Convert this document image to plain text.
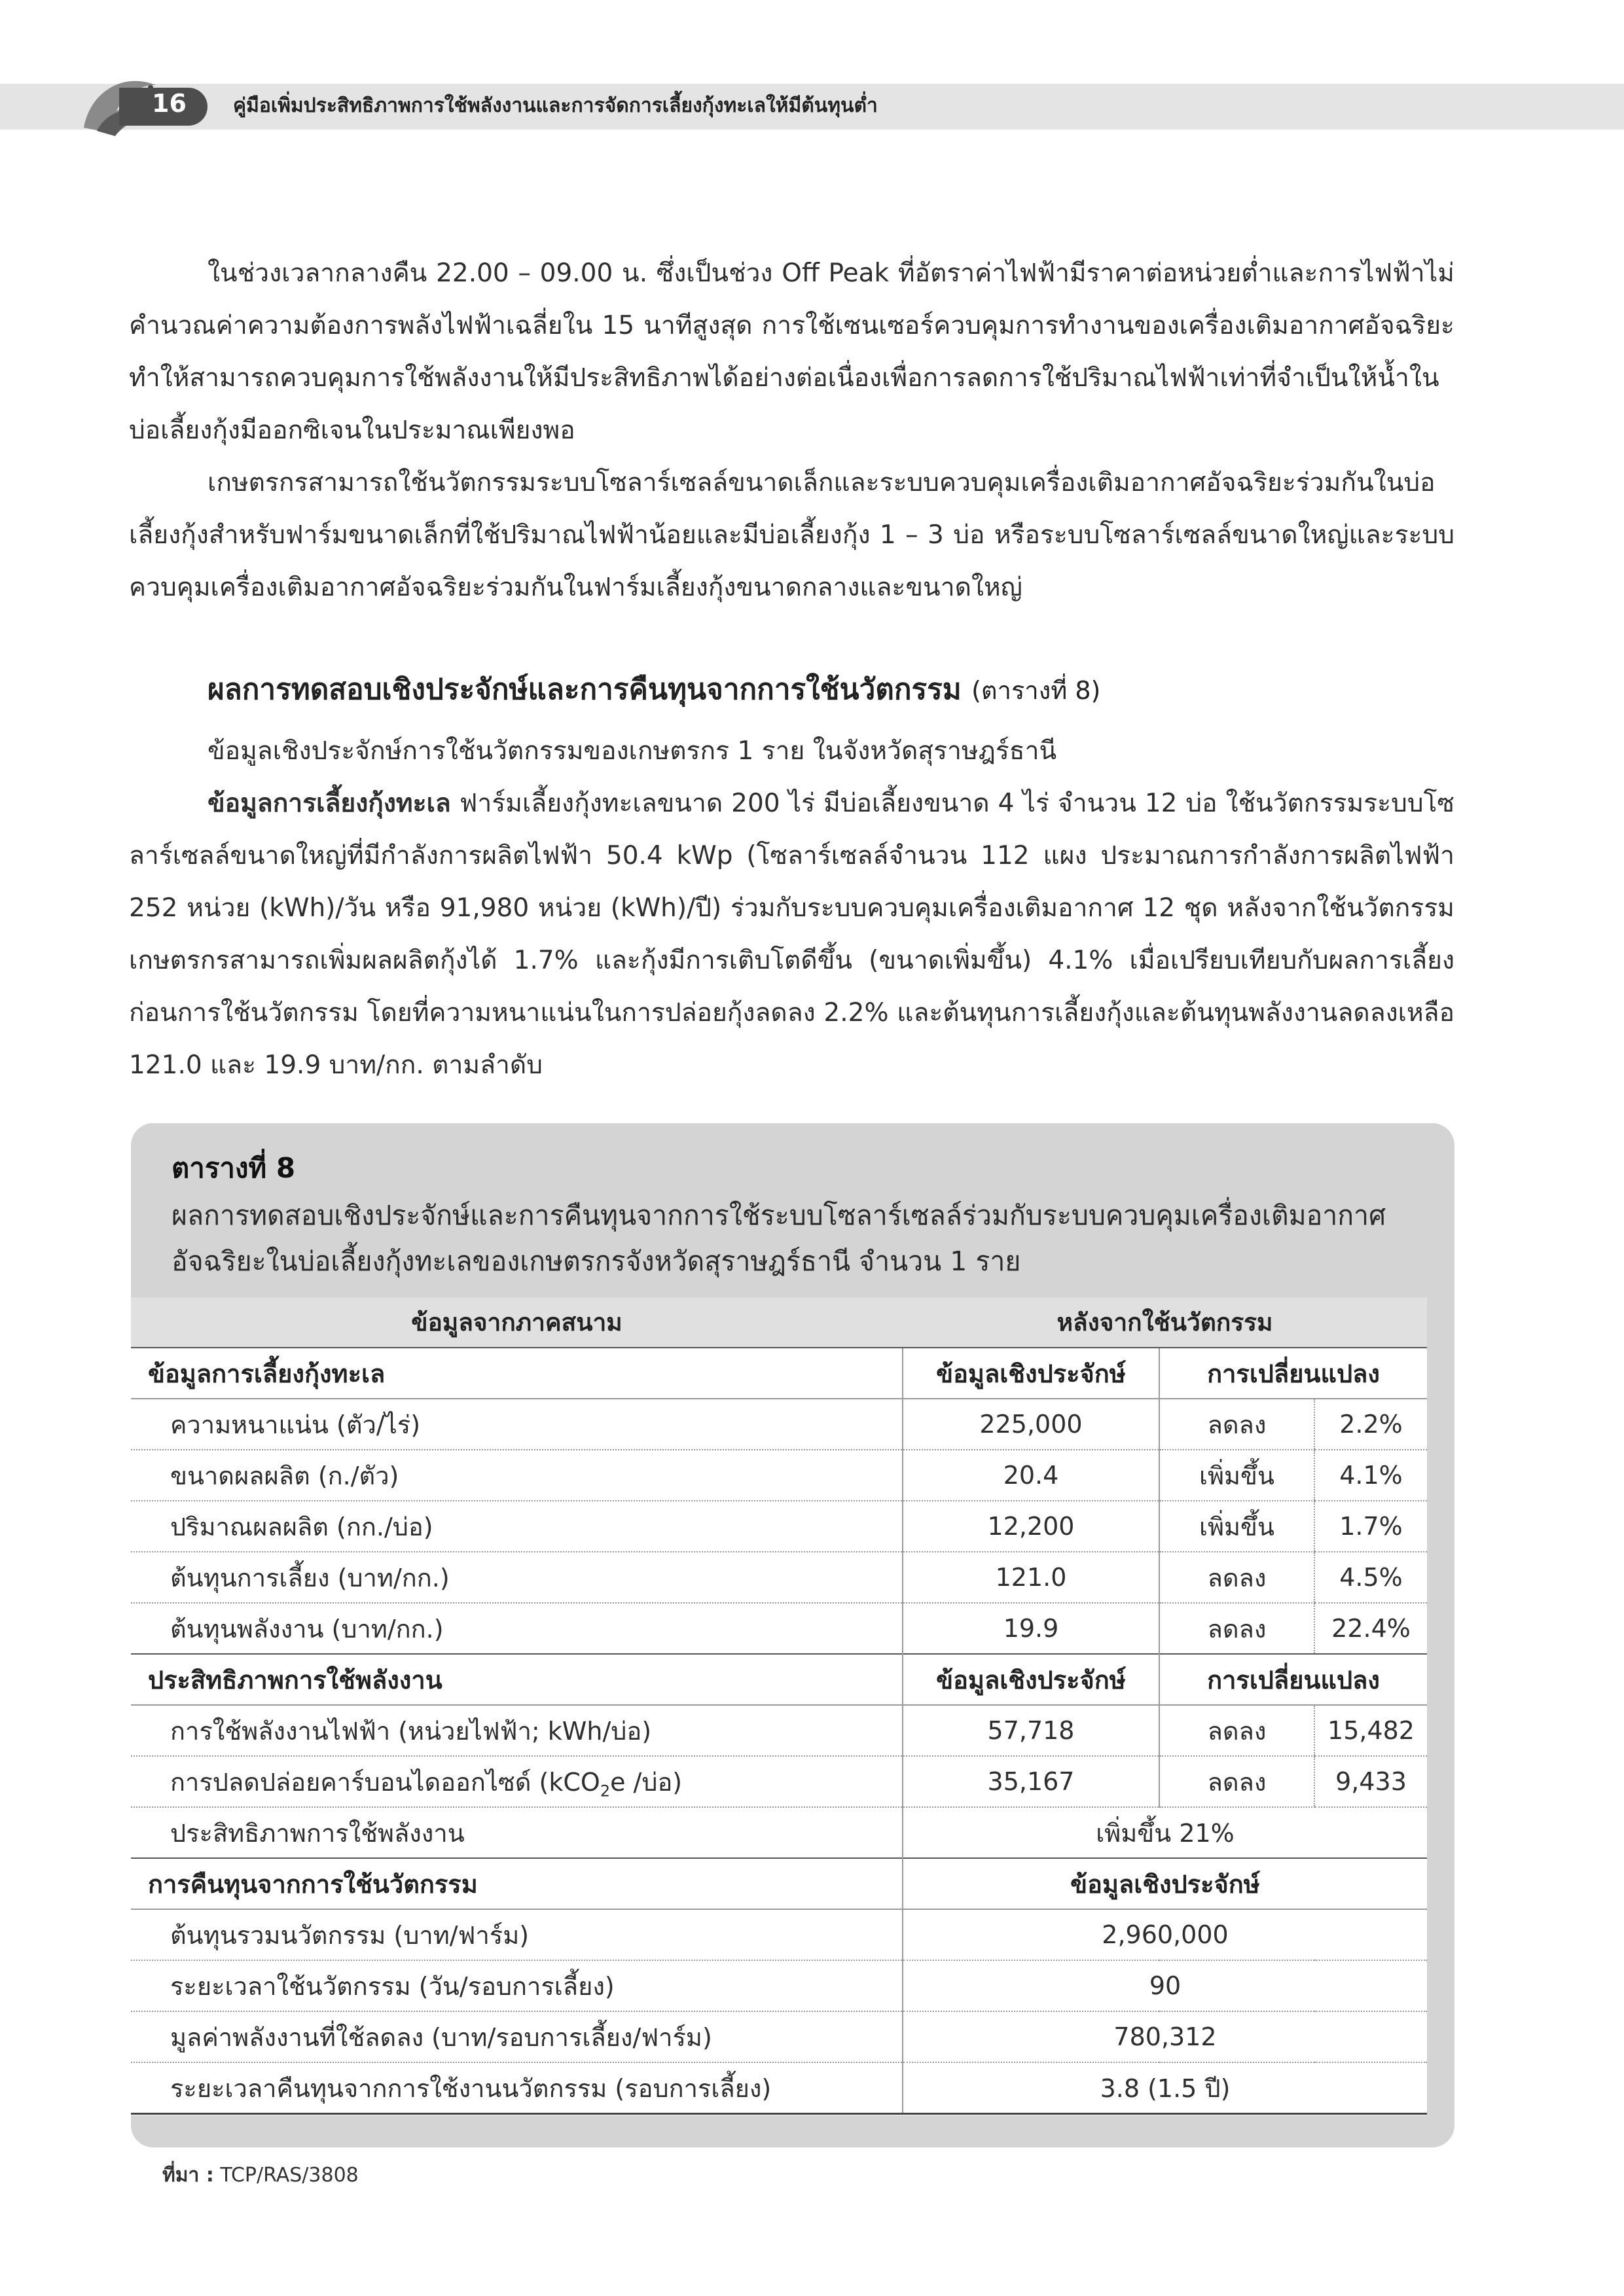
16 คู่มือเพิ่มประสิทธิภาพการใช้พลังงานและการจัดการเลี้ยงกุ้งทะเลให้มีต้นทุนต่ำ
ในช่วงเวลากลางคืน 22.00 – 09.00 น. ซึ่งเป็นช่วง Off Peak ที่อัตราค่าไฟฟ้ามีราคาต่อหน่วยต่ำและการไฟฟ้าไม่คำนวณค่าความต้องการพลังไฟฟ้าเฉลี่ยใน 15 นาทีสูงสุด การใช้เซนเซอร์ควบคุมการทำงานของเครื่องเติมอากาศอัจฉริยะ ทำให้สามารถควบคุมการใช้พลังงานให้มีประสิทธิภาพได้อย่างต่อเนื่องเพื่อการลดการใช้ปริมาณไฟฟ้าเท่าที่จำเป็นให้น้ำในบ่อเลี้ยงกุ้งมีออกซิเจนในประมาณเพียงพอ
เกษตรกรสามารถใช้นวัตกรรมระบบโซลาร์เซลล์ขนาดเล็กและระบบควบคุมเครื่องเติมอากาศอัจฉริยะร่วมกันในบ่อเลี้ยงกุ้งสำหรับฟาร์มขนาดเล็กที่ใช้ปริมาณไฟฟ้าน้อยและมีบ่อเลี้ยงกุ้ง 1 – 3 บ่อ หรือระบบโซลาร์เซลล์ขนาดใหญ่และระบบควบคุมเครื่องเติมอากาศอัจฉริยะร่วมกันในฟาร์มเลี้ยงกุ้งขนาดกลางและขนาดใหญ่
ผลการทดสอบเชิงประจักษ์และการคืนทุนจากการใช้นวัตกรรม (ตารางที่ 8)
ข้อมูลเชิงประจักษ์การใช้นวัตกรรมของเกษตรกร 1 ราย ในจังหวัดสุราษฎร์ธานี
ข้อมูลการเลี้ยงกุ้งทะเล ฟาร์มเลี้ยงกุ้งทะเลขนาด 200 ไร่ มีบ่อเลี้ยงขนาด 4 ไร่ จำนวน 12 บ่อ ใช้นวัตกรรมระบบโซลาร์เซลล์ขนาดใหญ่ที่มีกำลังการผลิตไฟฟ้า 50.4 kWp (โซลาร์เซลล์จำนวน 112 แผง ประมาณการกำลังการผลิตไฟฟ้า 252 หน่วย (kWh)/วัน หรือ 91,980 หน่วย (kWh)/ปี) ร่วมกับระบบควบคุมเครื่องเติมอากาศ 12 ชุด หลังจากใช้นวัตกรรมเกษตรกรสามารถเพิ่มผลผลิตกุ้งได้ 1.7% และกุ้งมีการเติบโตดีขึ้น (ขนาดเพิ่มขึ้น) 4.1% เมื่อเปรียบเทียบกับผลการเลี้ยงก่อนการใช้นวัตกรรม โดยที่ความหนาแน่นในการปล่อยกุ้งลดลง 2.2% และต้นทุนการเลี้ยงกุ้งและต้นทุนพลังงานลดลงเหลือ 121.0 และ 19.9 บาท/กก. ตามลำดับ
ตารางที่ 8
ผลการทดสอบเชิงประจักษ์และการคืนทุนจากการใช้ระบบโซลาร์เซลล์ร่วมกับระบบควบคุมเครื่องเติมอากาศอัจฉริยะในบ่อเลี้ยงกุ้งทะเลของเกษตรกรจังหวัดสุราษฎร์ธานี จำนวน 1 ราย
ข้อมูลจากภาคสนาม	หลังจากใช้นวัตกรรม		
ข้อมูลการเลี้ยงกุ้งทะเล	ข้อมูลเชิงประจักษ์	การเปลี่ยนแปลง	
ความหนาแน่น (ตัว/ไร่)	225,000	ลดลง	2.2%
ขนาดผลผลิต (ก./ตัว)	20.4	เพิ่มขึ้น	4.1%
ปริมาณผลผลิต (กก./บ่อ)	12,200	เพิ่มขึ้น	1.7%
ต้นทุนการเลี้ยง (บาท/กก.)	121.0	ลดลง	4.5%
ต้นทุนพลังงาน (บาท/กก.)	19.9	ลดลง	22.4%
ประสิทธิภาพการใช้พลังงาน	ข้อมูลเชิงประจักษ์	การเปลี่ยนแปลง	
การใช้พลังงานไฟฟ้า (หน่วยไฟฟ้า; kWh/บ่อ)	57,718	ลดลง	15,482
การปลดปล่อยคาร์บอนไดออกไซด์ (kCO$_2$e /บ่อ)	35,167	ลดลง	9,433
ประสิทธิภาพการใช้พลังงาน	เพิ่มขึ้น 21%		
การคืนทุนจากการใช้นวัตกรรม	ข้อมูลเชิงประจักษ์		
ต้นทุนรวมนวัตกรรม (บาท/ฟาร์ม)	2,960,000		
ระยะเวลาใช้นวัตกรรม (วัน/รอบการเลี้ยง)	90		
มูลค่าพลังงานที่ใช้ลดลง (บาท/รอบการเลี้ยง/ฟาร์ม)	780,312		
ระยะเวลาคืนทุนจากการใช้งานนวัตกรรม (รอบการเลี้ยง)	3.8 (1.5 ปี)		
ที่มา : TCP/RAS/3808
